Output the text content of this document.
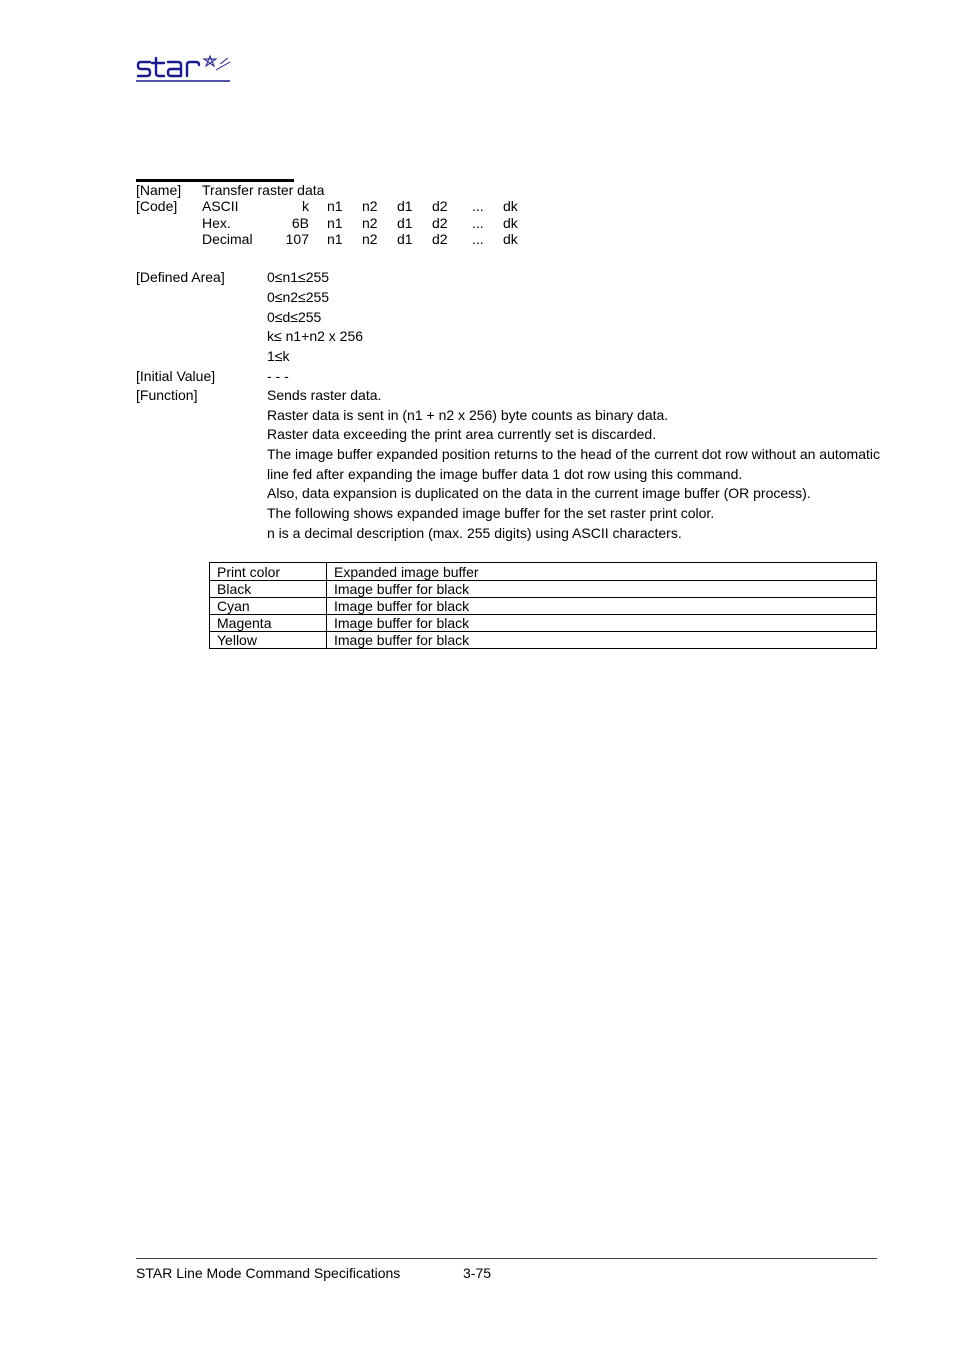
star
[Name] Transfer raster data
[Code] ASCII	k n1 n2 d1 d2 ... dk
Hex.	6B n1 n2 d1 d2 ... dk
Decimal	107 n1 n2 d1 d2 ... dk
[Defined Area]	0≤n1≤255
0≤n2≤255
0≤d≤255
k≤ n1+n2 x 256
1≤k
[Initial Value]	- - -
[Function]	Sends raster data.
Raster data is sent in (n1 + n2 x 256) byte counts as binary data.
Raster data exceeding the print area currently set is discarded.
The image buffer expanded position returns to the head of the current dot row without an automatic
line fed after expanding the image buffer data 1 dot row using this command.
Also, data expansion is duplicated on the data in the current image buffer (OR process).
The following shows expanded image buffer for the set raster print color.
n is a decimal description (max. 255 digits) using ASCII characters.
Print color	Expanded image buffer
Black	Image buffer for black
Cyan	Image buffer for black
Magenta	Image buffer for black
Yellow	Image buffer for black
STAR Line Mode Command Specifications	3-75
